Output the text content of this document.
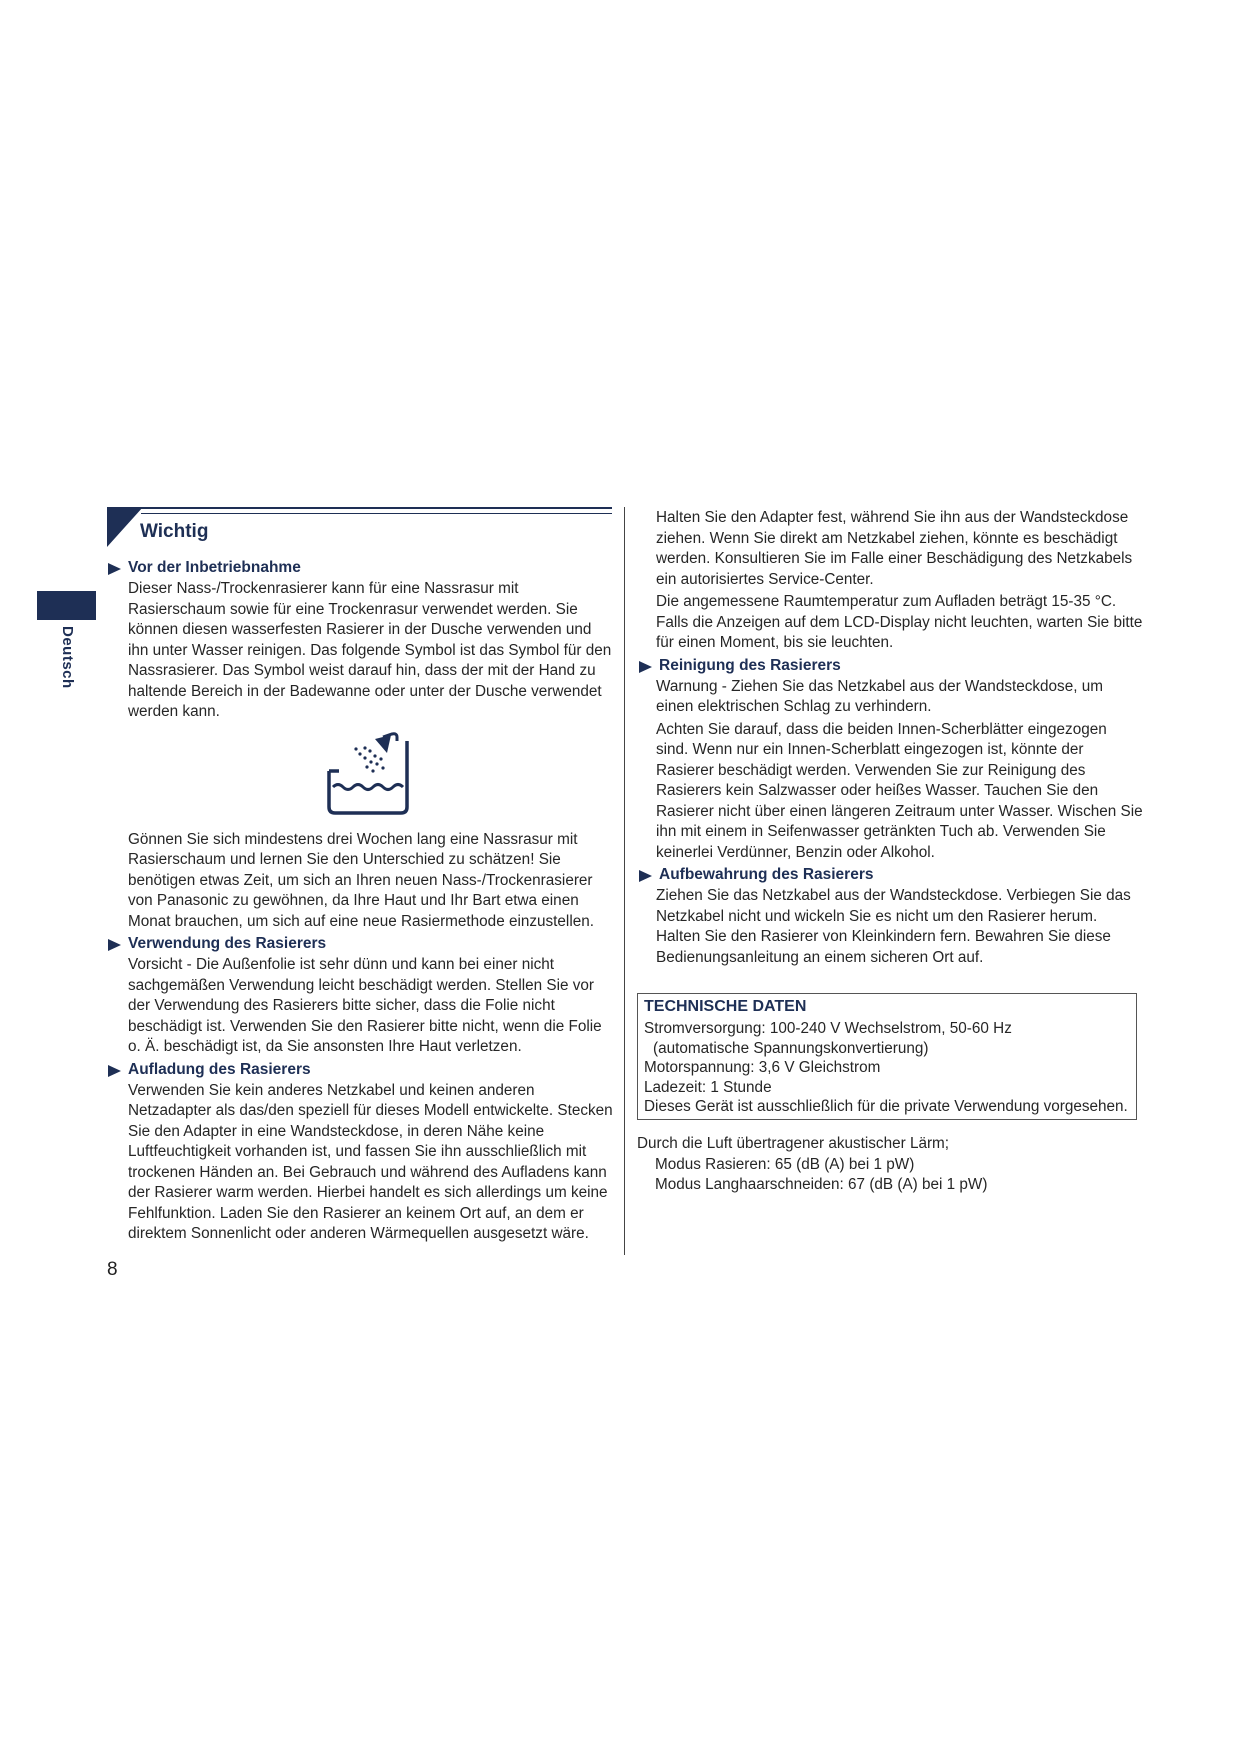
Deutsch
Wichtig
Vor der Inbetriebnahme

Dieser Nass-/Trockenrasierer kann für eine Nassrasur mit Rasierschaum sowie für eine Trockenrasur verwendet werden. Sie können diesen wasserfesten Rasierer in der Dusche verwenden und ihn unter Wasser reinigen. Das folgende Symbol ist das Symbol für den Nassrasierer. Das Symbol weist darauf hin, dass der mit der Hand zu haltende Bereich in der Badewanne oder unter der Dusche verwendet werden kann.

Gönnen Sie sich mindestens drei Wochen lang eine Nassrasur mit Rasierschaum und lernen Sie den Unterschied zu schätzen! Sie benötigen etwas Zeit, um sich an Ihren neuen Nass-/Trockenrasierer von Panasonic zu gewöhnen, da Ihre Haut und Ihr Bart etwa einen Monat brauchen, um sich auf eine neue Rasiermethode einzustellen.

Verwendung des Rasierers

Vorsicht - Die Außenfolie ist sehr dünn und kann bei einer nicht sachgemäßen Verwendung leicht beschädigt werden. Stellen Sie vor der Verwendung des Rasierers bitte sicher, dass die Folie nicht beschädigt ist. Verwenden Sie den Rasierer bitte nicht, wenn die Folie o. Ä. beschädigt ist, da Sie ansonsten Ihre Haut verletzen.

Aufladung des Rasierers

Verwenden Sie kein anderes Netzkabel und keinen anderen Netzadapter als das/den speziell für dieses Modell entwickelte. Stecken Sie den Adapter in eine Wandsteckdose, in deren Nähe keine Luftfeuchtigkeit vorhanden ist, und fassen Sie ihn ausschließlich mit trockenen Händen an. Bei Gebrauch und während des Aufladens kann der Rasierer warm werden. Hierbei handelt es sich allerdings um keine Fehlfunktion. Laden Sie den Rasierer an keinem Ort auf, an dem er direktem Sonnenlicht oder anderen Wärmequellen ausgesetzt wäre.

Halten Sie den Adapter fest, während Sie ihn aus der Wandsteckdose ziehen. Wenn Sie direkt am Netzkabel ziehen, könnte es beschädigt werden. Konsultieren Sie im Falle einer Beschädigung des Netzkabels ein autorisiertes Service-Center.

Die angemessene Raumtemperatur zum Aufladen beträgt 15-35 °C. Falls die Anzeigen auf dem LCD-Display nicht leuchten, warten Sie bitte für einen Moment, bis sie leuchten.

Reinigung des Rasierers

Warnung - Ziehen Sie das Netzkabel aus der Wandsteckdose, um einen elektrischen Schlag zu verhindern.

Achten Sie darauf, dass die beiden Innen-Scherblätter eingezogen sind. Wenn nur ein Innen-Scherblatt eingezogen ist, könnte der Rasierer beschädigt werden. Verwenden Sie zur Reinigung des Rasierers kein Salzwasser oder heißes Wasser. Tauchen Sie den Rasierer nicht über einen längeren Zeitraum unter Wasser. Wischen Sie ihn mit einem in Seifenwasser getränkten Tuch ab. Verwenden Sie keinerlei Verdünner, Benzin oder Alkohol.

Aufbewahrung des Rasierers

Ziehen Sie das Netzkabel aus der Wandsteckdose. Verbiegen Sie das Netzkabel nicht und wickeln Sie es nicht um den Rasierer herum. Halten Sie den Rasierer von Kleinkindern fern. Bewahren Sie diese Bedienungsanleitung an einem sicheren Ort auf.

TECHNISCHE DATEN
Stromversorgung: 100-240 V Wechselstrom, 50-60 Hz
(automatische Spannungskonvertierung)
Motorspannung: 3,6 V Gleichstrom
Ladezeit: 1 Stunde
Dieses Gerät ist ausschließlich für die private Verwendung vorgesehen.
Durch die Luft übertragener akustischer Lärm;
Modus Rasieren: 65 (dB (A) bei 1 pW)
Modus Langhaarschneiden: 67 (dB (A) bei 1 pW)
8
